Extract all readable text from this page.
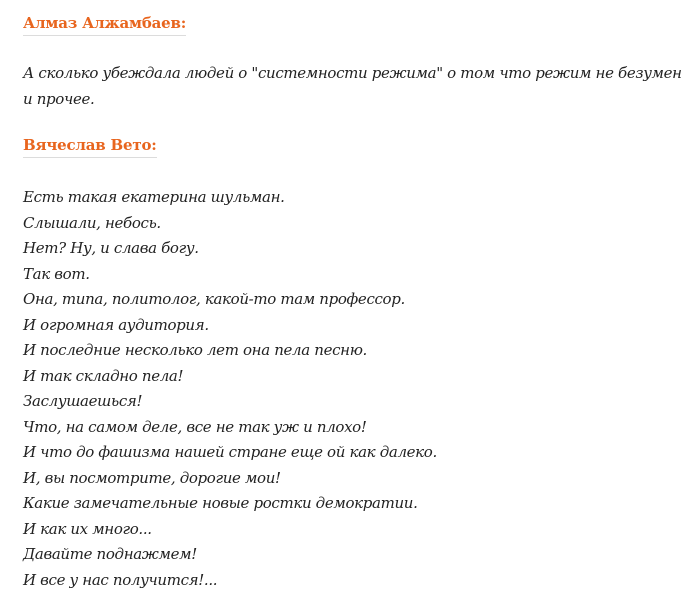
Алмаз Алжамбаев:
А сколько убеждала людей о "системности режима" о том что режим не безумен
и прочее.
Вячеслав Вето:
Есть такая екатерина шульман.
Слышали, небось.
Нет? Ну, и слава богу.
Так вот.
Она, типа, политолог, какой-то там профессор.
И огромная аудитория.
И последние несколько лет она пела песню.
И так складно пела!
Заслушаешься!
Что, на самом деле, все не так уж и плохо!
И что до фашизма нашей стране еще ой как далеко.
И, вы посмотрите, дорогие мои!
Какие замечательные новые ростки демократии.
И как их много...
Давайте поднажмем!
И все у нас получится!...
